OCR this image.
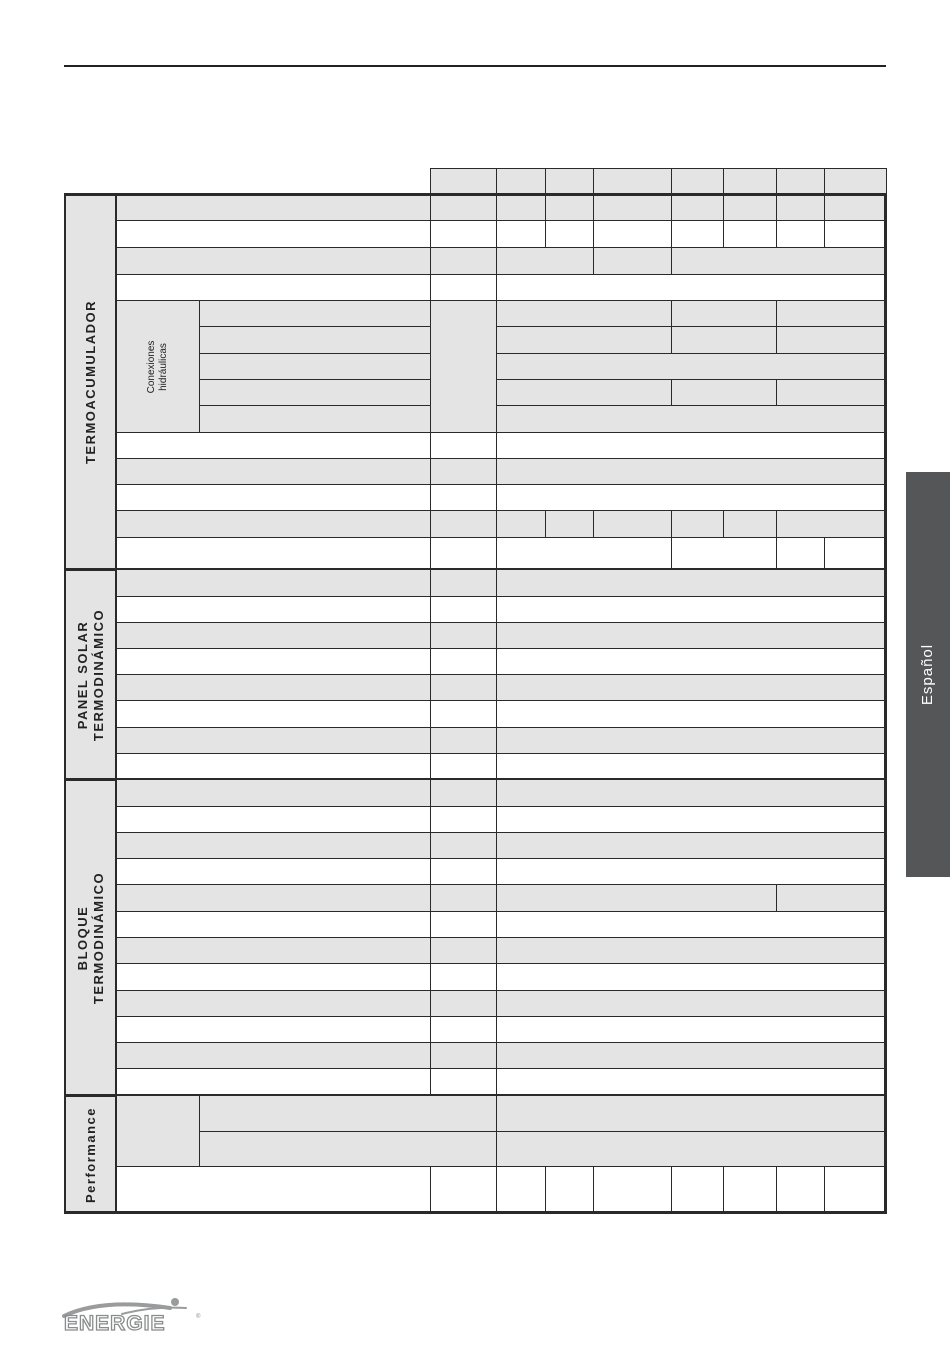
Conexiones hidráulicas
TERMOACUMULADOR
PANEL SOLAR TERMODINÁMICO
BLOQUE TERMODINÁMICO
Performance
Español
ENERGIE	®
